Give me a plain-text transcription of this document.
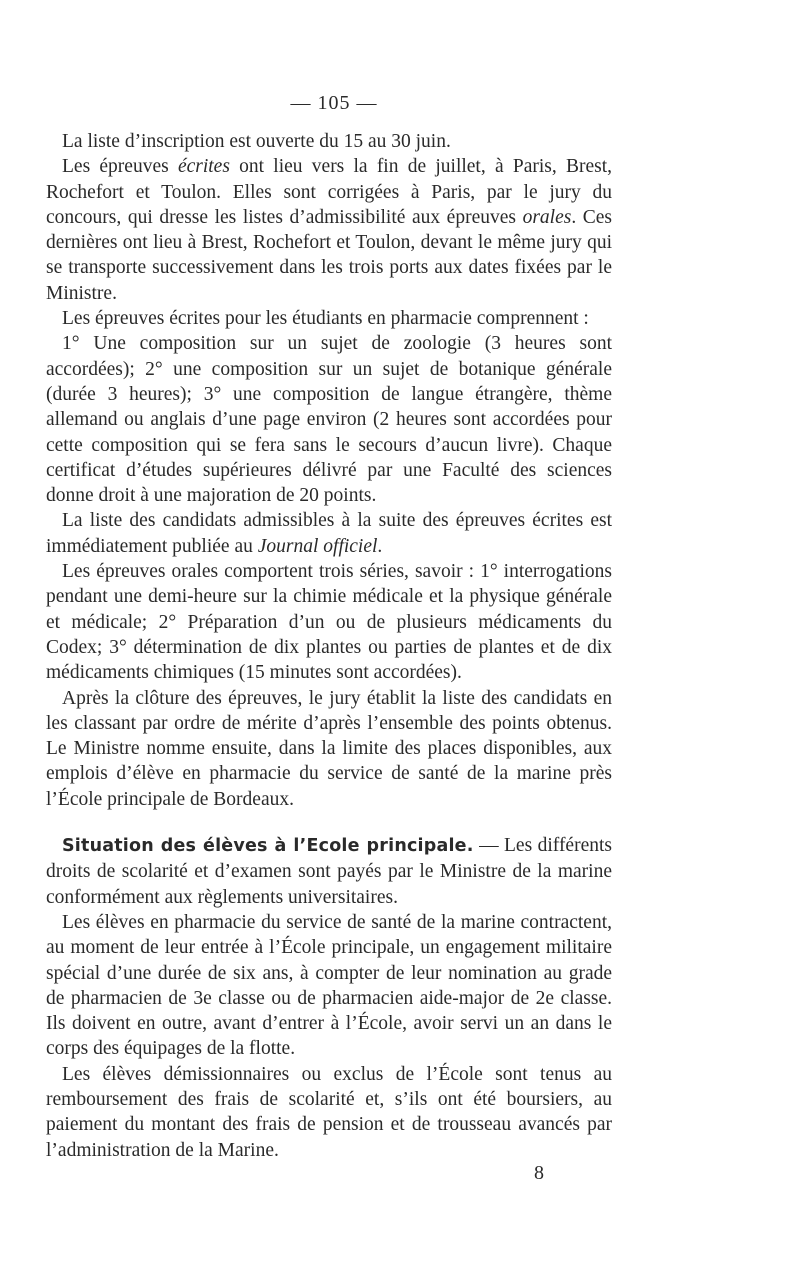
— 105 —

La liste d’inscription est ouverte du 15 au 30 juin.

Les épreuves écrites ont lieu vers la fin de juillet, à Paris, Brest, Rochefort et Toulon. Elles sont corrigées à Paris, par le jury du concours, qui dresse les listes d’admissibilité aux épreuves orales. Ces dernières ont lieu à Brest, Rochefort et Toulon, devant le même jury qui se transporte successivement dans les trois ports aux dates fixées par le Ministre.

Les épreuves écrites pour les étudiants en pharmacie comprennent :

1° Une composition sur un sujet de zoologie (3 heures sont accordées); 2° une composition sur un sujet de botanique générale (durée 3 heures); 3° une composition de langue étrangère, thème allemand ou anglais d’une page environ (2 heures sont accordées pour cette composition qui se fera sans le secours d’aucun livre). Chaque certificat d’études supérieures délivré par une Faculté des sciences donne droit à une majoration de 20 points.

La liste des candidats admissibles à la suite des épreuves écrites est immédiatement publiée au Journal officiel.

Les épreuves orales comportent trois séries, savoir : 1° interrogations pendant une demi-heure sur la chimie médicale et la physique générale et médicale; 2° Préparation d’un ou de plusieurs médicaments du Codex; 3° détermination de dix plantes ou parties de plantes et de dix médicaments chimiques (15 minutes sont accordées).

Après la clôture des épreuves, le jury établit la liste des candidats en les classant par ordre de mérite d’après l’ensemble des points obtenus. Le Ministre nomme ensuite, dans la limite des places disponibles, aux emplois d’élève en pharmacie du service de santé de la marine près l’École principale de Bordeaux.

Situation des élèves à l’Ecole principale. — Les différents droits de scolarité et d’examen sont payés par le Ministre de la marine conformément aux règlements universitaires.

Les élèves en pharmacie du service de santé de la marine contractent, au moment de leur entrée à l’École principale, un engagement militaire spécial d’une durée de six ans, à compter de leur nomination au grade de pharmacien de 3e classe ou de pharmacien aide-major de 2e classe. Ils doivent en outre, avant d’entrer à l’École, avoir servi un an dans le corps des équipages de la flotte.

Les élèves démissionnaires ou exclus de l’École sont tenus au remboursement des frais de scolarité et, s’ils ont été boursiers, au paiement du montant des frais de pension et de trousseau avancés par l’administration de la Marine.

8
